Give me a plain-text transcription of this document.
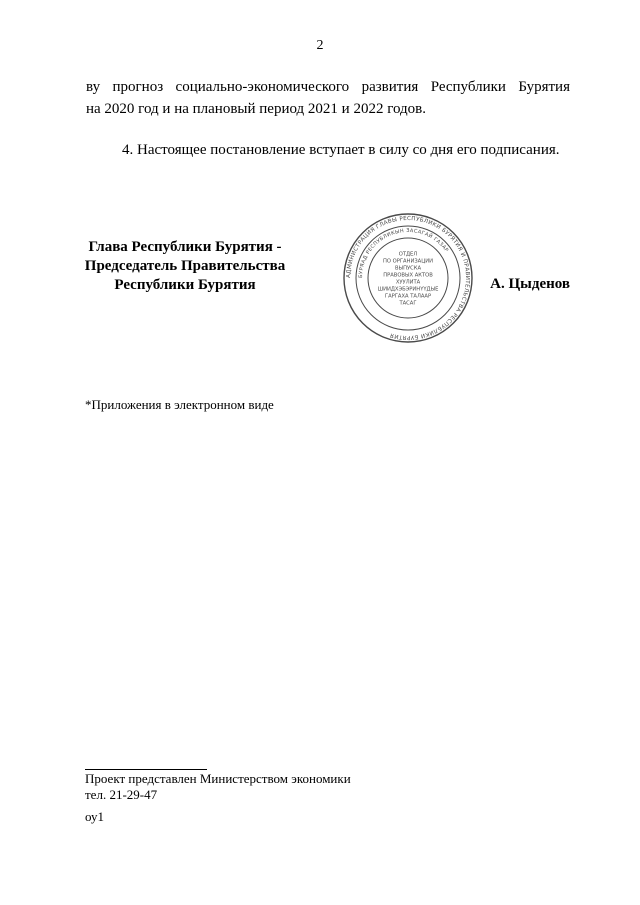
2
ву прогноз социально-экономического развития Республики Бурятия
на 2020 год и на плановый период 2021 и 2022 годов.
4. Настоящее постановление вступает в силу со дня его подписания.
Глава Республики Бурятия -
Председатель Правительства
Республики Бурятия
АДМИНИСТРАЦИЯ ГЛАВЫ РЕСПУБЛИКИ БУРЯТИЯ И ПРАВИТЕЛЬСТВА РЕСПУБЛИКИ БУРЯТИЯ
БУРЯАД РЕСПУБЛИКЫН ЗАСАГАЙ ГАЗАР
ОТДЕЛ
ПО ОРГАНИЗАЦИИ
ВЫПУСКА
ПРАВОВЫХ АКТОВ
ХУУЛИТА
ШИИДХЭБЭРИНҮҮДЫЕ
ГАРГАХА ТАЛААР
ТАСАГ
А. Цыденов
*Приложения в электронном виде
Проект представлен Министерством экономики
тел. 21-29-47
оу1
